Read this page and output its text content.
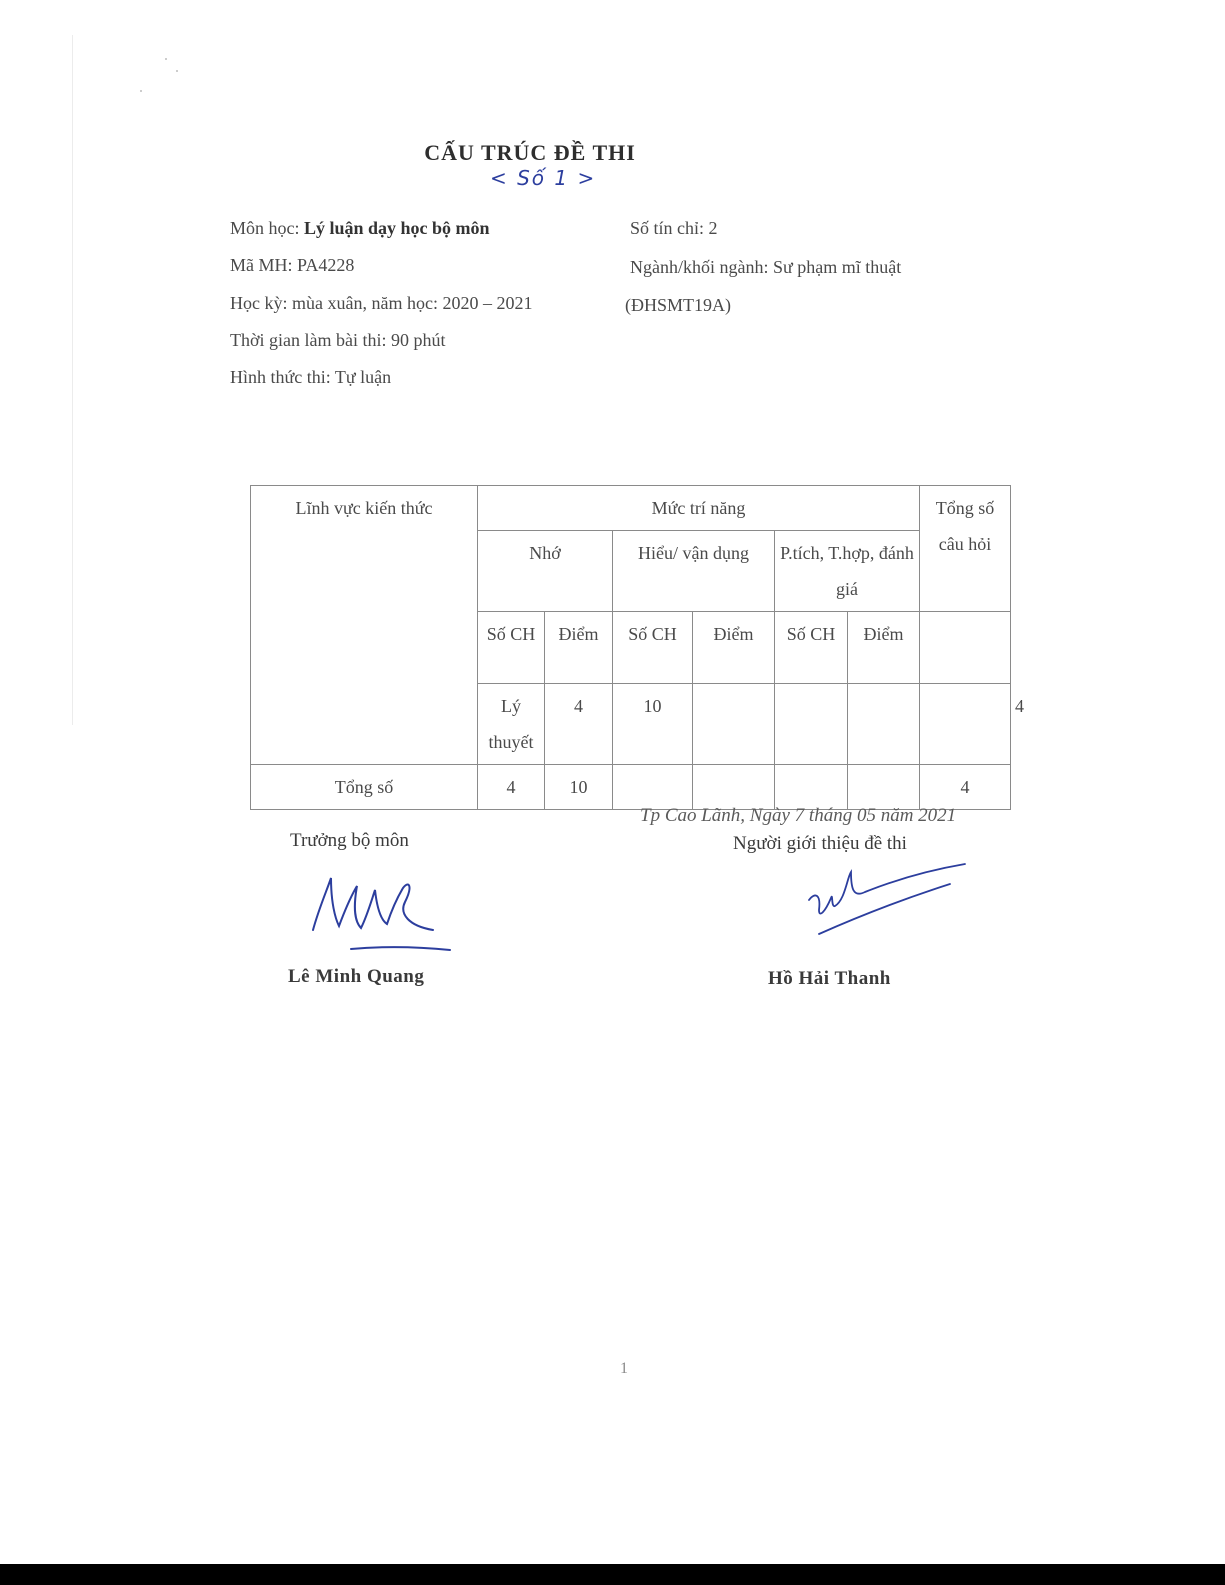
CẤU TRÚC ĐỀ THI
< Số 1 >
Môn học: Lý luận dạy học bộ môn	Số tín chỉ: 2
Mã MH: PA4228	Ngành/khối ngành: Sư phạm mĩ thuật
Học kỳ: mùa xuân, năm học: 2020 – 2021	(ĐHSMT19A)
Thời gian làm bài thi: 90 phút
Hình thức thi: Tự luận
Lĩnh vực kiến thức	Mức trí năng						Tổng số câu hỏi	
	Nhớ		Hiểu/ vận dụng		P.tích, T.hợp, đánh giá			
	Số CH	Điểm	Số CH	Điểm	Số CH	Điểm		
	Lý thuyết	4	10					4
Tổng số	4	10					4	
Tp Cao Lãnh, Ngày 7 tháng 05 năm 2021
Trưởng bộ môn	Người giới thiệu đề thi
Lê Minh Quang	Hồ Hải Thanh
1
